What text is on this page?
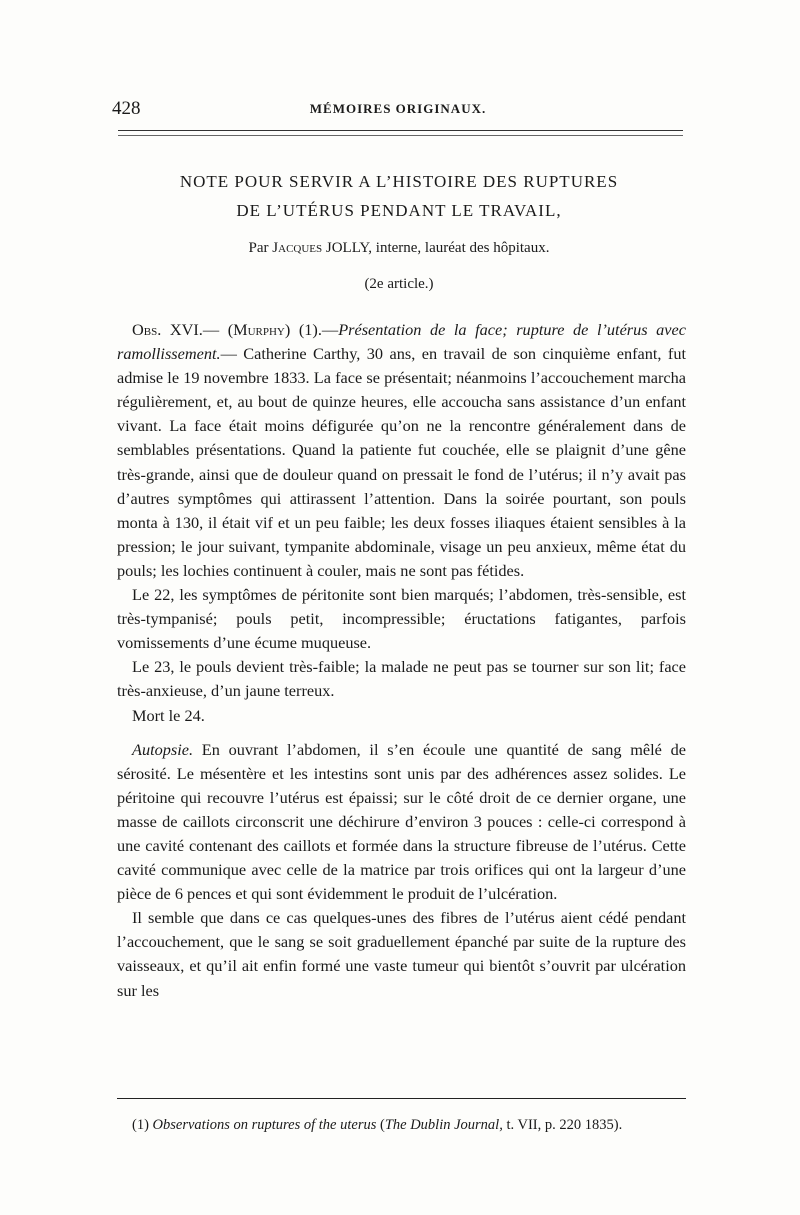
428	MÉMOIRES ORIGINAUX.
NOTE POUR SERVIR A L’HISTOIRE DES RUPTURES
DE L’UTÉRUS PENDANT LE TRAVAIL,
Par Jacques JOLLY, interne, lauréat des hôpitaux.
(2e article.)

Obs. XVI.— (Murphy) (1).—Présentation de la face; rupture de l’utérus avec ramollissement.— Catherine Carthy, 30 ans, en travail de son cinquième enfant, fut admise le 19 novembre 1833. La face se présentait; néanmoins l’accouchement marcha régulièrement, et, au bout de quinze heures, elle accoucha sans assistance d’un enfant vivant. La face était moins défigurée qu’on ne la rencontre généralement dans de semblables présentations. Quand la patiente fut couchée, elle se plaignit d’une gêne très-grande, ainsi que de douleur quand on pressait le fond de l’utérus; il n’y avait pas d’autres symptômes qui attirassent l’attention. Dans la soirée pourtant, son pouls monta à 130, il était vif et un peu faible; les deux fosses iliaques étaient sensibles à la pression; le jour suivant, tympanite abdominale, visage un peu anxieux, même état du pouls; les lochies continuent à couler, mais ne sont pas fétides.

Le 22, les symptômes de péritonite sont bien marqués; l’abdomen, très-sensible, est très-tympanisé; pouls petit, incompressible; éructations fatigantes, parfois vomissements d’une écume muqueuse.

Le 23, le pouls devient très-faible; la malade ne peut pas se tourner sur son lit; face très-anxieuse, d’un jaune terreux.

Mort le 24.

Autopsie. En ouvrant l’abdomen, il s’en écoule une quantité de sang mêlé de sérosité. Le mésentère et les intestins sont unis par des adhérences assez solides. Le péritoine qui recouvre l’utérus est épaissi; sur le côté droit de ce dernier organe, une masse de caillots circonscrit une déchirure d’environ 3 pouces : celle-ci correspond à une cavité contenant des caillots et formée dans la structure fibreuse de l’utérus. Cette cavité communique avec celle de la matrice par trois orifices qui ont la largeur d’une pièce de 6 pences et qui sont évidemment le produit de l’ulcération.

Il semble que dans ce cas quelques-unes des fibres de l’utérus aient cédé pendant l’accouchement, que le sang se soit graduellement épanché par suite de la rupture des vaisseaux, et qu’il ait enfin formé une vaste tumeur qui bientôt s’ouvrit par ulcération sur les

(1) Observations on ruptures of the uterus (The Dublin Journal, t. VII, p. 220 1835).
